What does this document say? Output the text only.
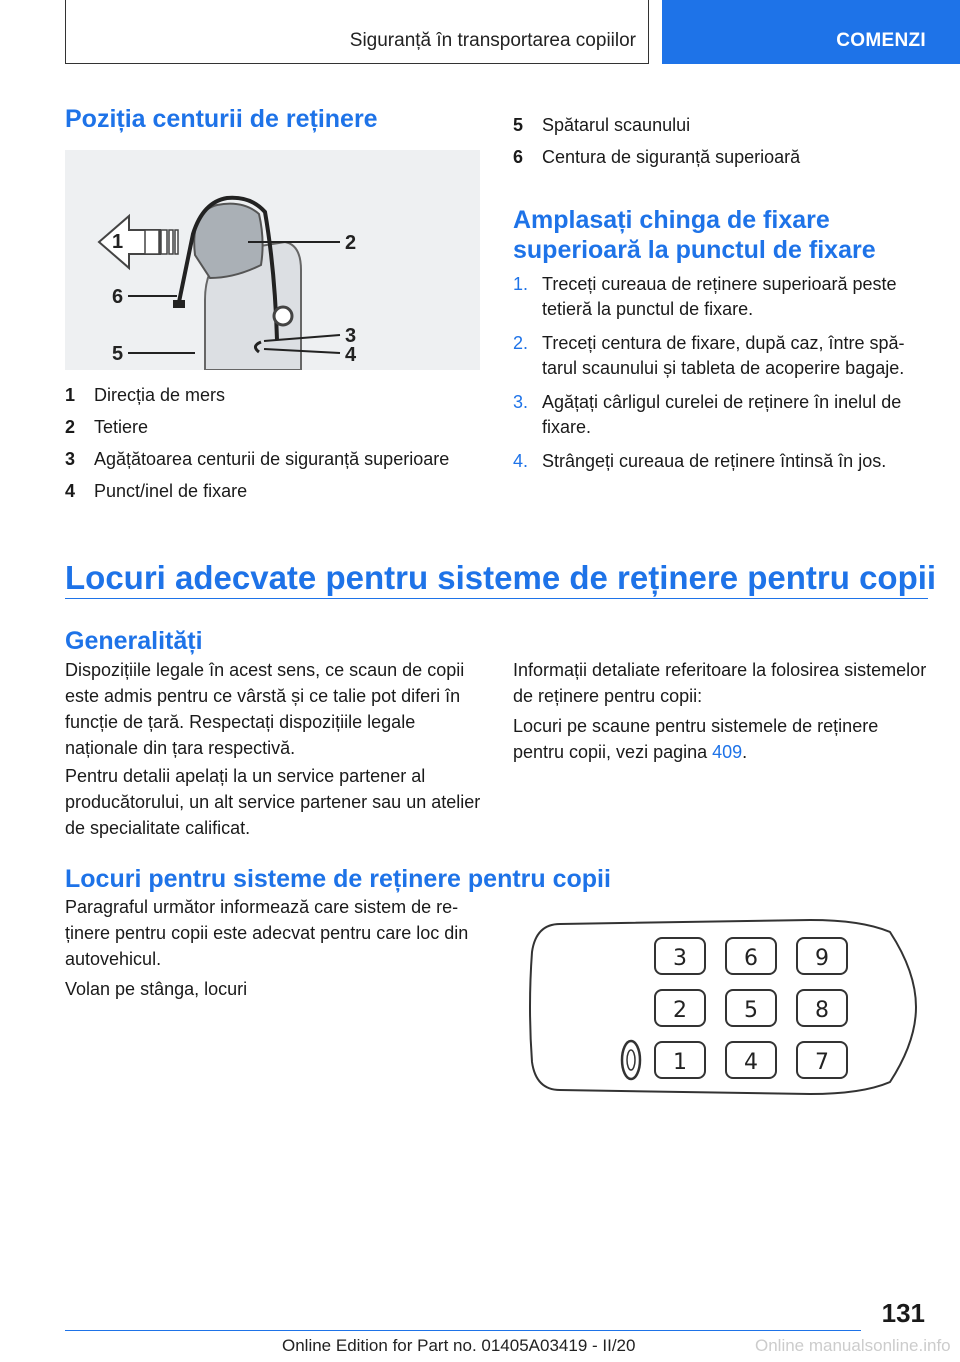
Siguranță în transportarea copiilor	COMENZI
Poziția centurii de reținere
1	2
3
4
5
6
1 Direcția de mers
2 Tetiere
3 Agățătoarea centurii de siguranță superioare
4 Punct/inel de fixare
5 Spătarul scaunului
6 Centura de siguranță superioară
Amplasați chinga de fixare
superioară la punctul de fixare
1. Treceți cureaua de reținere superioară peste tetieră la punctul de fixare.
2. Treceți centura de fixare, după caz, între spătarul scaunului și tableta de acoperire bagaje.
3. Agățați cârligul curelei de reținere în inelul de fixare.
4. Strângeți cureaua de reținere întinsă în jos.
Locuri adecvate pentru sisteme de reținere pentru copii
Generalități

Dispozițiile legale în acest sens, ce scaun de copii este admis pentru ce vârstă și ce talie pot diferi în funcție de țară. Respectați dispozițiile legale naționale din țara respectivă.

Pentru detalii apelați la un service partener al producătorului, un alt service partener sau un atelier de specialitate calificat.

Informații detaliate referitoare la folosirea sistemelor de reținere pentru copii:

Locuri pe scaune pentru sistemele de reținere pentru copii, vezi pagina 409.

Locuri pentru sisteme de reținere pentru copii

Paragraful următor informează care sistem de reținere pentru copii este adecvat pentru care loc din autovehicul.

Volan pe stânga, locuri

3	6	9
2	5	8
1	4	7
131
Online Edition for Part no. 01405A03419 - II/20	Online manualsonline.info
